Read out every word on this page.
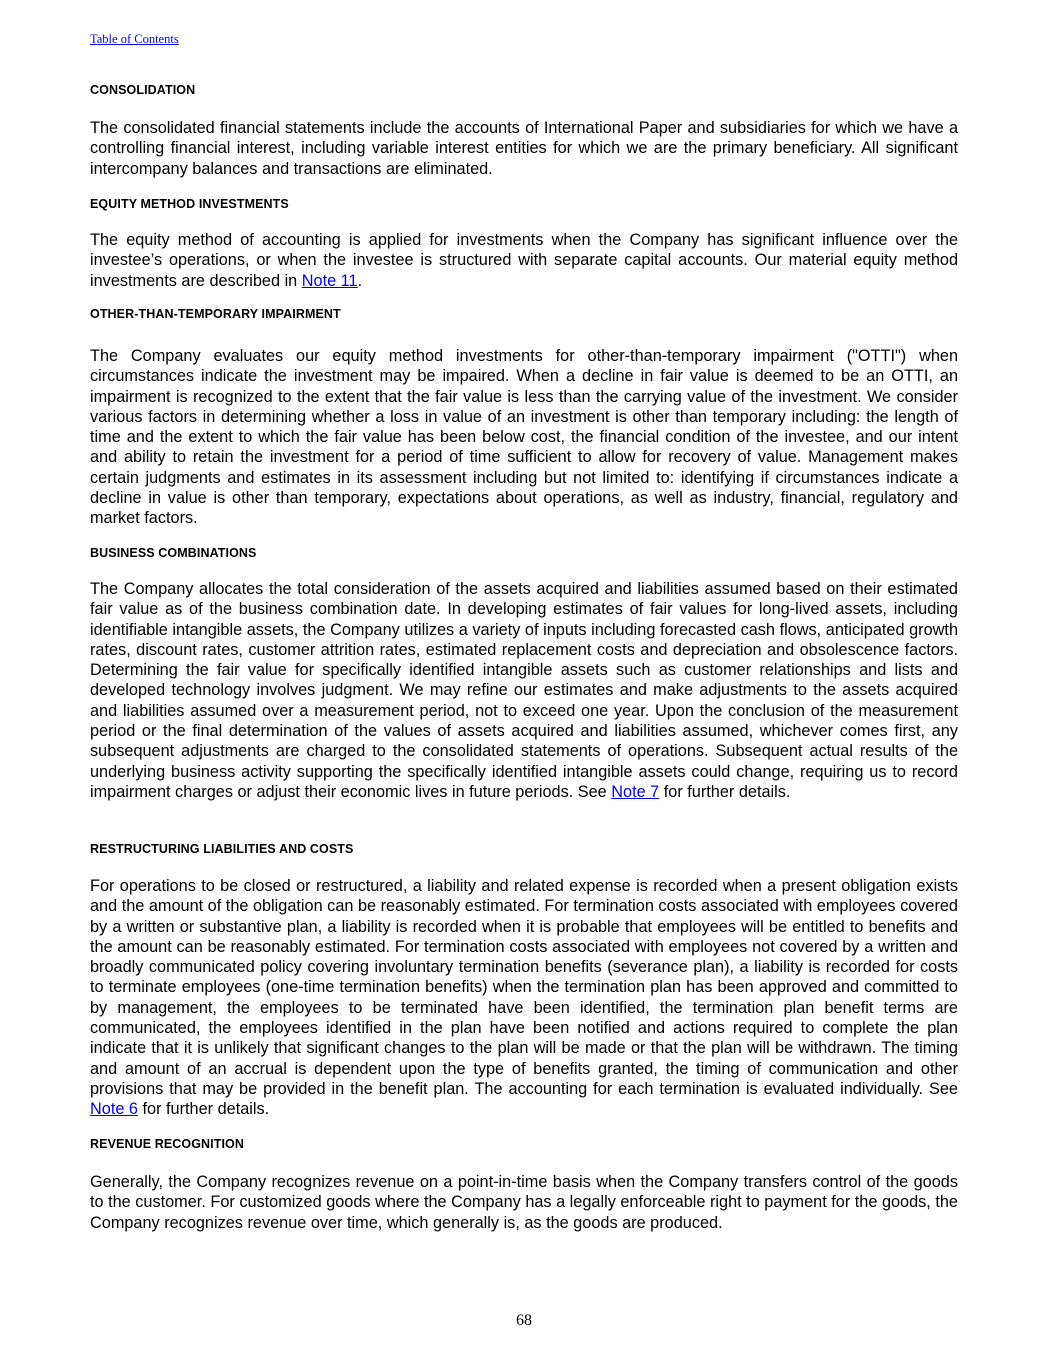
Table of Contents
CONSOLIDATION

The consolidated financial statements include the accounts of International Paper and subsidiaries for which we have a controlling financial interest, including variable interest entities for which we are the primary beneficiary. All significant intercompany balances and transactions are eliminated.

EQUITY METHOD INVESTMENTS

The equity method of accounting is applied for investments when the Company has significant influence over the investee’s operations, or when the investee is structured with separate capital accounts. Our material equity method investments are described in Note 11.

OTHER-THAN-TEMPORARY IMPAIRMENT

The Company evaluates our equity method investments for other-than-temporary impairment ("OTTI") when circumstances indicate the investment may be impaired. When a decline in fair value is deemed to be an OTTI, an impairment is recognized to the extent that the fair value is less than the carrying value of the investment. We consider various factors in determining whether a loss in value of an investment is other than temporary including: the length of time and the extent to which the fair value has been below cost, the financial condition of the investee, and our intent and ability to retain the investment for a period of time sufficient to allow for recovery of value. Management makes certain judgments and estimates in its assessment including but not limited to: identifying if circumstances indicate a decline in value is other than temporary, expectations about operations, as well as industry, financial, regulatory and market factors.

BUSINESS COMBINATIONS

The Company allocates the total consideration of the assets acquired and liabilities assumed based on their estimated fair value as of the business combination date. In developing estimates of fair values for long-lived assets, including identifiable intangible assets, the Company utilizes a variety of inputs including forecasted cash flows, anticipated growth rates, discount rates, customer attrition rates, estimated replacement costs and depreciation and obsolescence factors. Determining the fair value for specifically identified intangible assets such as customer relationships and lists and developed technology involves judgment. We may refine our estimates and make adjustments to the assets acquired and liabilities assumed over a measurement period, not to exceed one year. Upon the conclusion of the measurement period or the final determination of the values of assets acquired and liabilities assumed, whichever comes first, any subsequent adjustments are charged to the consolidated statements of operations. Subsequent actual results of the underlying business activity supporting the specifically identified intangible assets could change, requiring us to record impairment charges or adjust their economic lives in future periods. See Note 7 for further details.

RESTRUCTURING LIABILITIES AND COSTS

For operations to be closed or restructured, a liability and related expense is recorded when a present obligation exists and the amount of the obligation can be reasonably estimated. For termination costs associated with employees covered by a written or substantive plan, a liability is recorded when it is probable that employees will be entitled to benefits and the amount can be reasonably estimated. For termination costs associated with employees not covered by a written and broadly communicated policy covering involuntary termination benefits (severance plan), a liability is recorded for costs to terminate employees (one-time termination benefits) when the termination plan has been approved and committed to by management, the employees to be terminated have been identified, the termination plan benefit terms are communicated, the employees identified in the plan have been notified and actions required to complete the plan indicate that it is unlikely that significant changes to the plan will be made or that the plan will be withdrawn. The timing and amount of an accrual is dependent upon the type of benefits granted, the timing of communication and other provisions that may be provided in the benefit plan. The accounting for each termination is evaluated individually. See Note 6 for further details.

REVENUE RECOGNITION

Generally, the Company recognizes revenue on a point-in-time basis when the Company transfers control of the goods to the customer. For customized goods where the Company has a legally enforceable right to payment for the goods, the Company recognizes revenue over time, which generally is, as the goods are produced.

68
